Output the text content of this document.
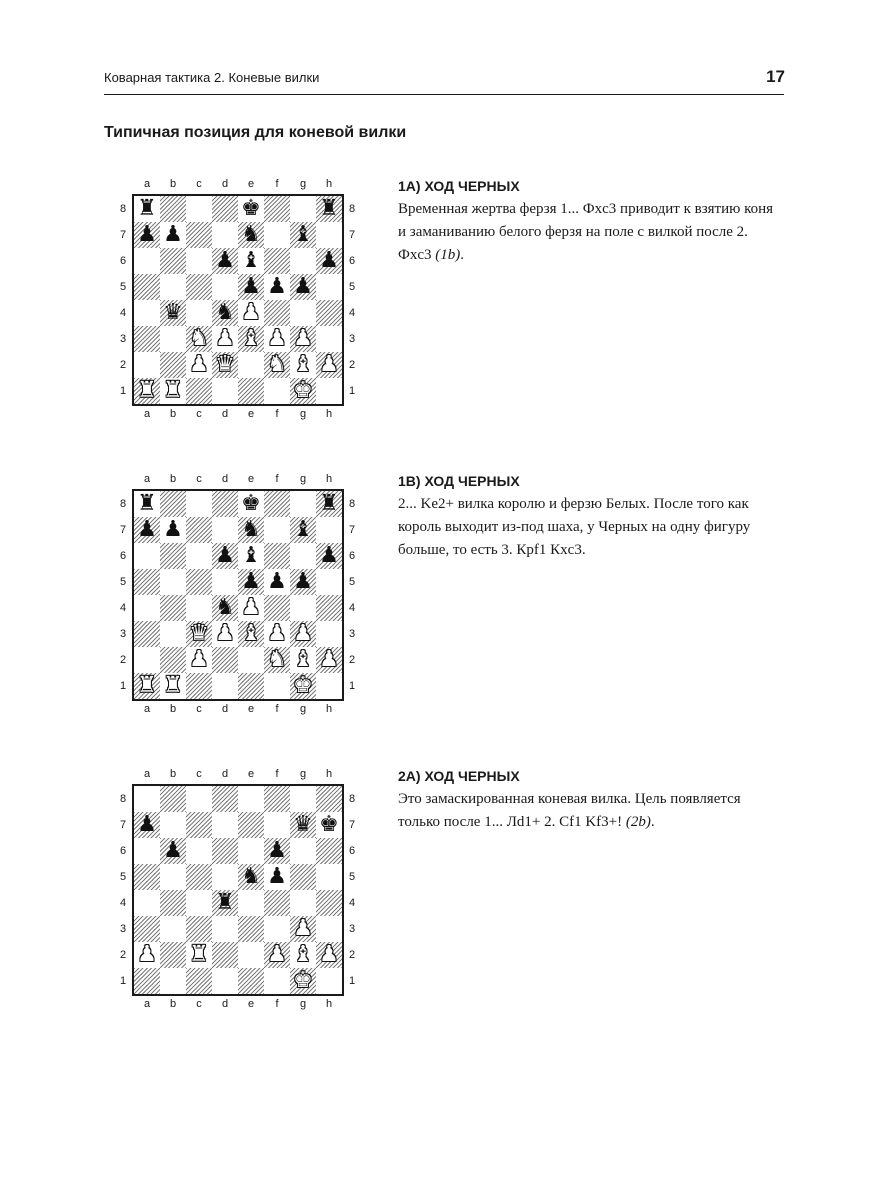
Коварная тактика 2. Коневые вилки	17
Типичная позиция для коневой вилки
a
a
b
b
c
c
d
d
e
e
f
f
g
g
h
h
8	8
7	7
6	6
5	5
4	4
3	3
2	2
1	1
♜	♚	♜
♟ ♟	♞ ♝
♟ ♝	♟
♟ ♟ ♟
♛ ♞ ♟
♞ ♟ ♝ ♟ ♟
♟ ♛ ♞ ♝ ♟
♜ ♜	♚

1А) ХОД ЧЕРНЫХ

Временная жертва ферзя 1... Фxc3 приводит к взятию коня и заманиванию белого ферзя на поле с вилкой после 2. Фxc3 (1b).

a
a
b
b
c
c
d
d
e
e
f
f
g
g
h
h
8	8
7	7
6	6
5	5
4	4
3	3
2	2
1	1
♜	♚	♜
♟ ♟	♞ ♝
♟ ♝	♟
♟ ♟ ♟
♞ ♟
♛ ♟ ♝ ♟ ♟
♟	♞ ♝ ♟
♜ ♜	♚

1В) ХОД ЧЕРНЫХ

2... Ke2+ вилка королю и ферзю Белых. После того как король выходит из-под шаха, у Черных на одну фигуру больше, то есть 3. Крf1 Кxc3.

a
a
b
b
c
c
d
d
e
e
f
f
g
g
h
h
8	8
7	7
6	6
5	5
4	4
3	3
2	2
1	1
♟	♛ ♚
♟	♟
♞ ♟
♜
♟
♟ ♜	♟ ♝ ♟
♚

2А) ХОД ЧЕРНЫХ

Это замаскированная коневая вилка. Цель появляется только после 1... Лd1+ 2. Cf1 Kf3+! (2b).
